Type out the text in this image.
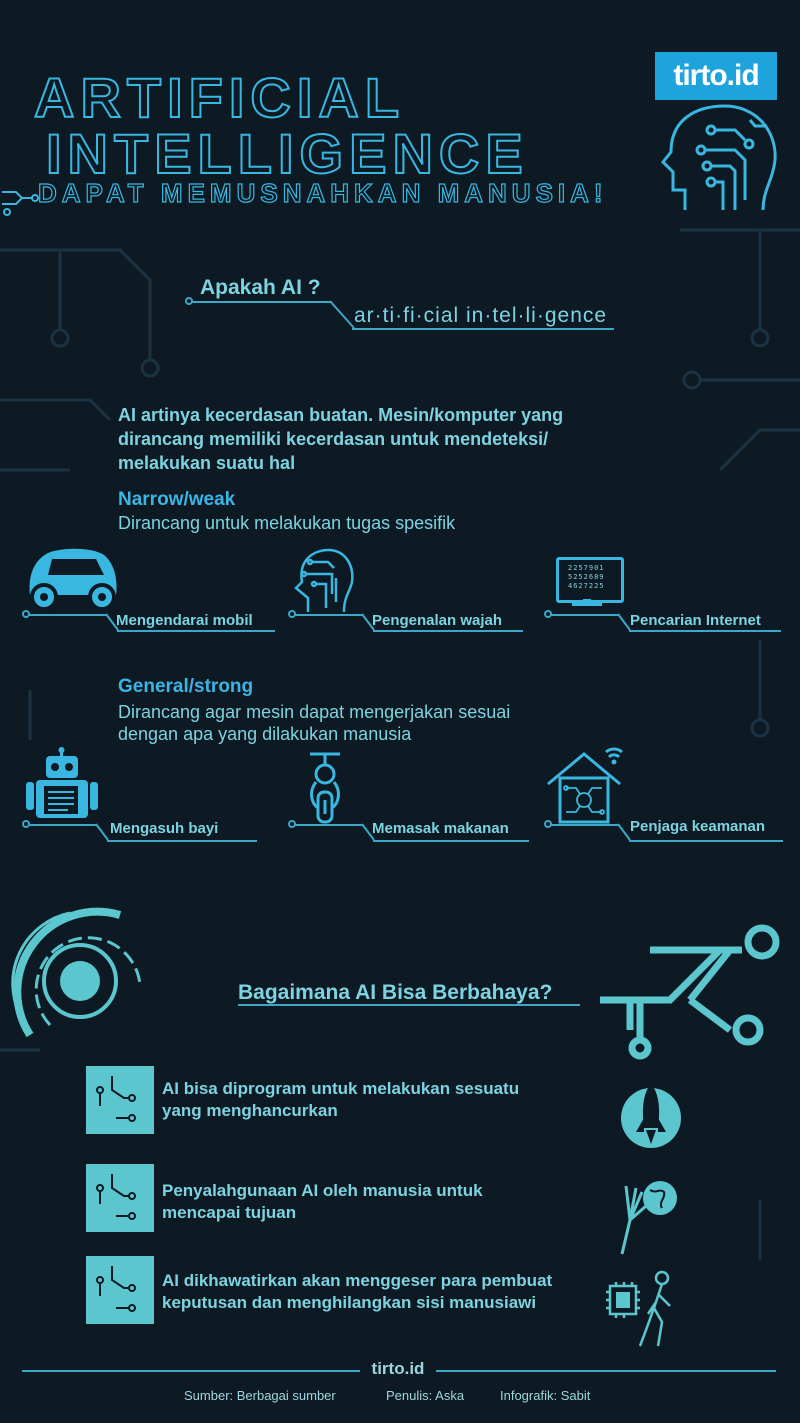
tirto.id
ARTIFICIAL
INTELLIGENCE
DAPAT MEMUSNAHKAN MANUSIA!
Apakah AI ?
ar·ti·fi·cial in·tel·li·gence
AI artinya kecerdasan buatan. Mesin/komputer yang
dirancang memiliki kecerdasan untuk mendeteksi/
melakukan suatu hal
Narrow/weak
Dirancang untuk melakukan tugas spesifik
Mengendarai mobil	Pengenalan wajah
2257901
5252689
4627225
Pencarian Internet
General/strong
Dirancang agar mesin dapat mengerjakan sesuai
dengan apa yang dilakukan manusia
Mengasuh bayi	Memasak makanan	Penjaga keamanan
Bagaimana AI Bisa Berbahaya?
AI bisa diprogram untuk melakukan sesuatu
yang menghancurkan
Penyalahgunaan AI oleh manusia untuk
mencapai tujuan
AI dikhawatirkan akan menggeser para pembuat
keputusan dan menghilangkan sisi manusiawi
tirto.id
Sumber: Berbagai sumber	Penulis: Aska	Infografik: Sabit
